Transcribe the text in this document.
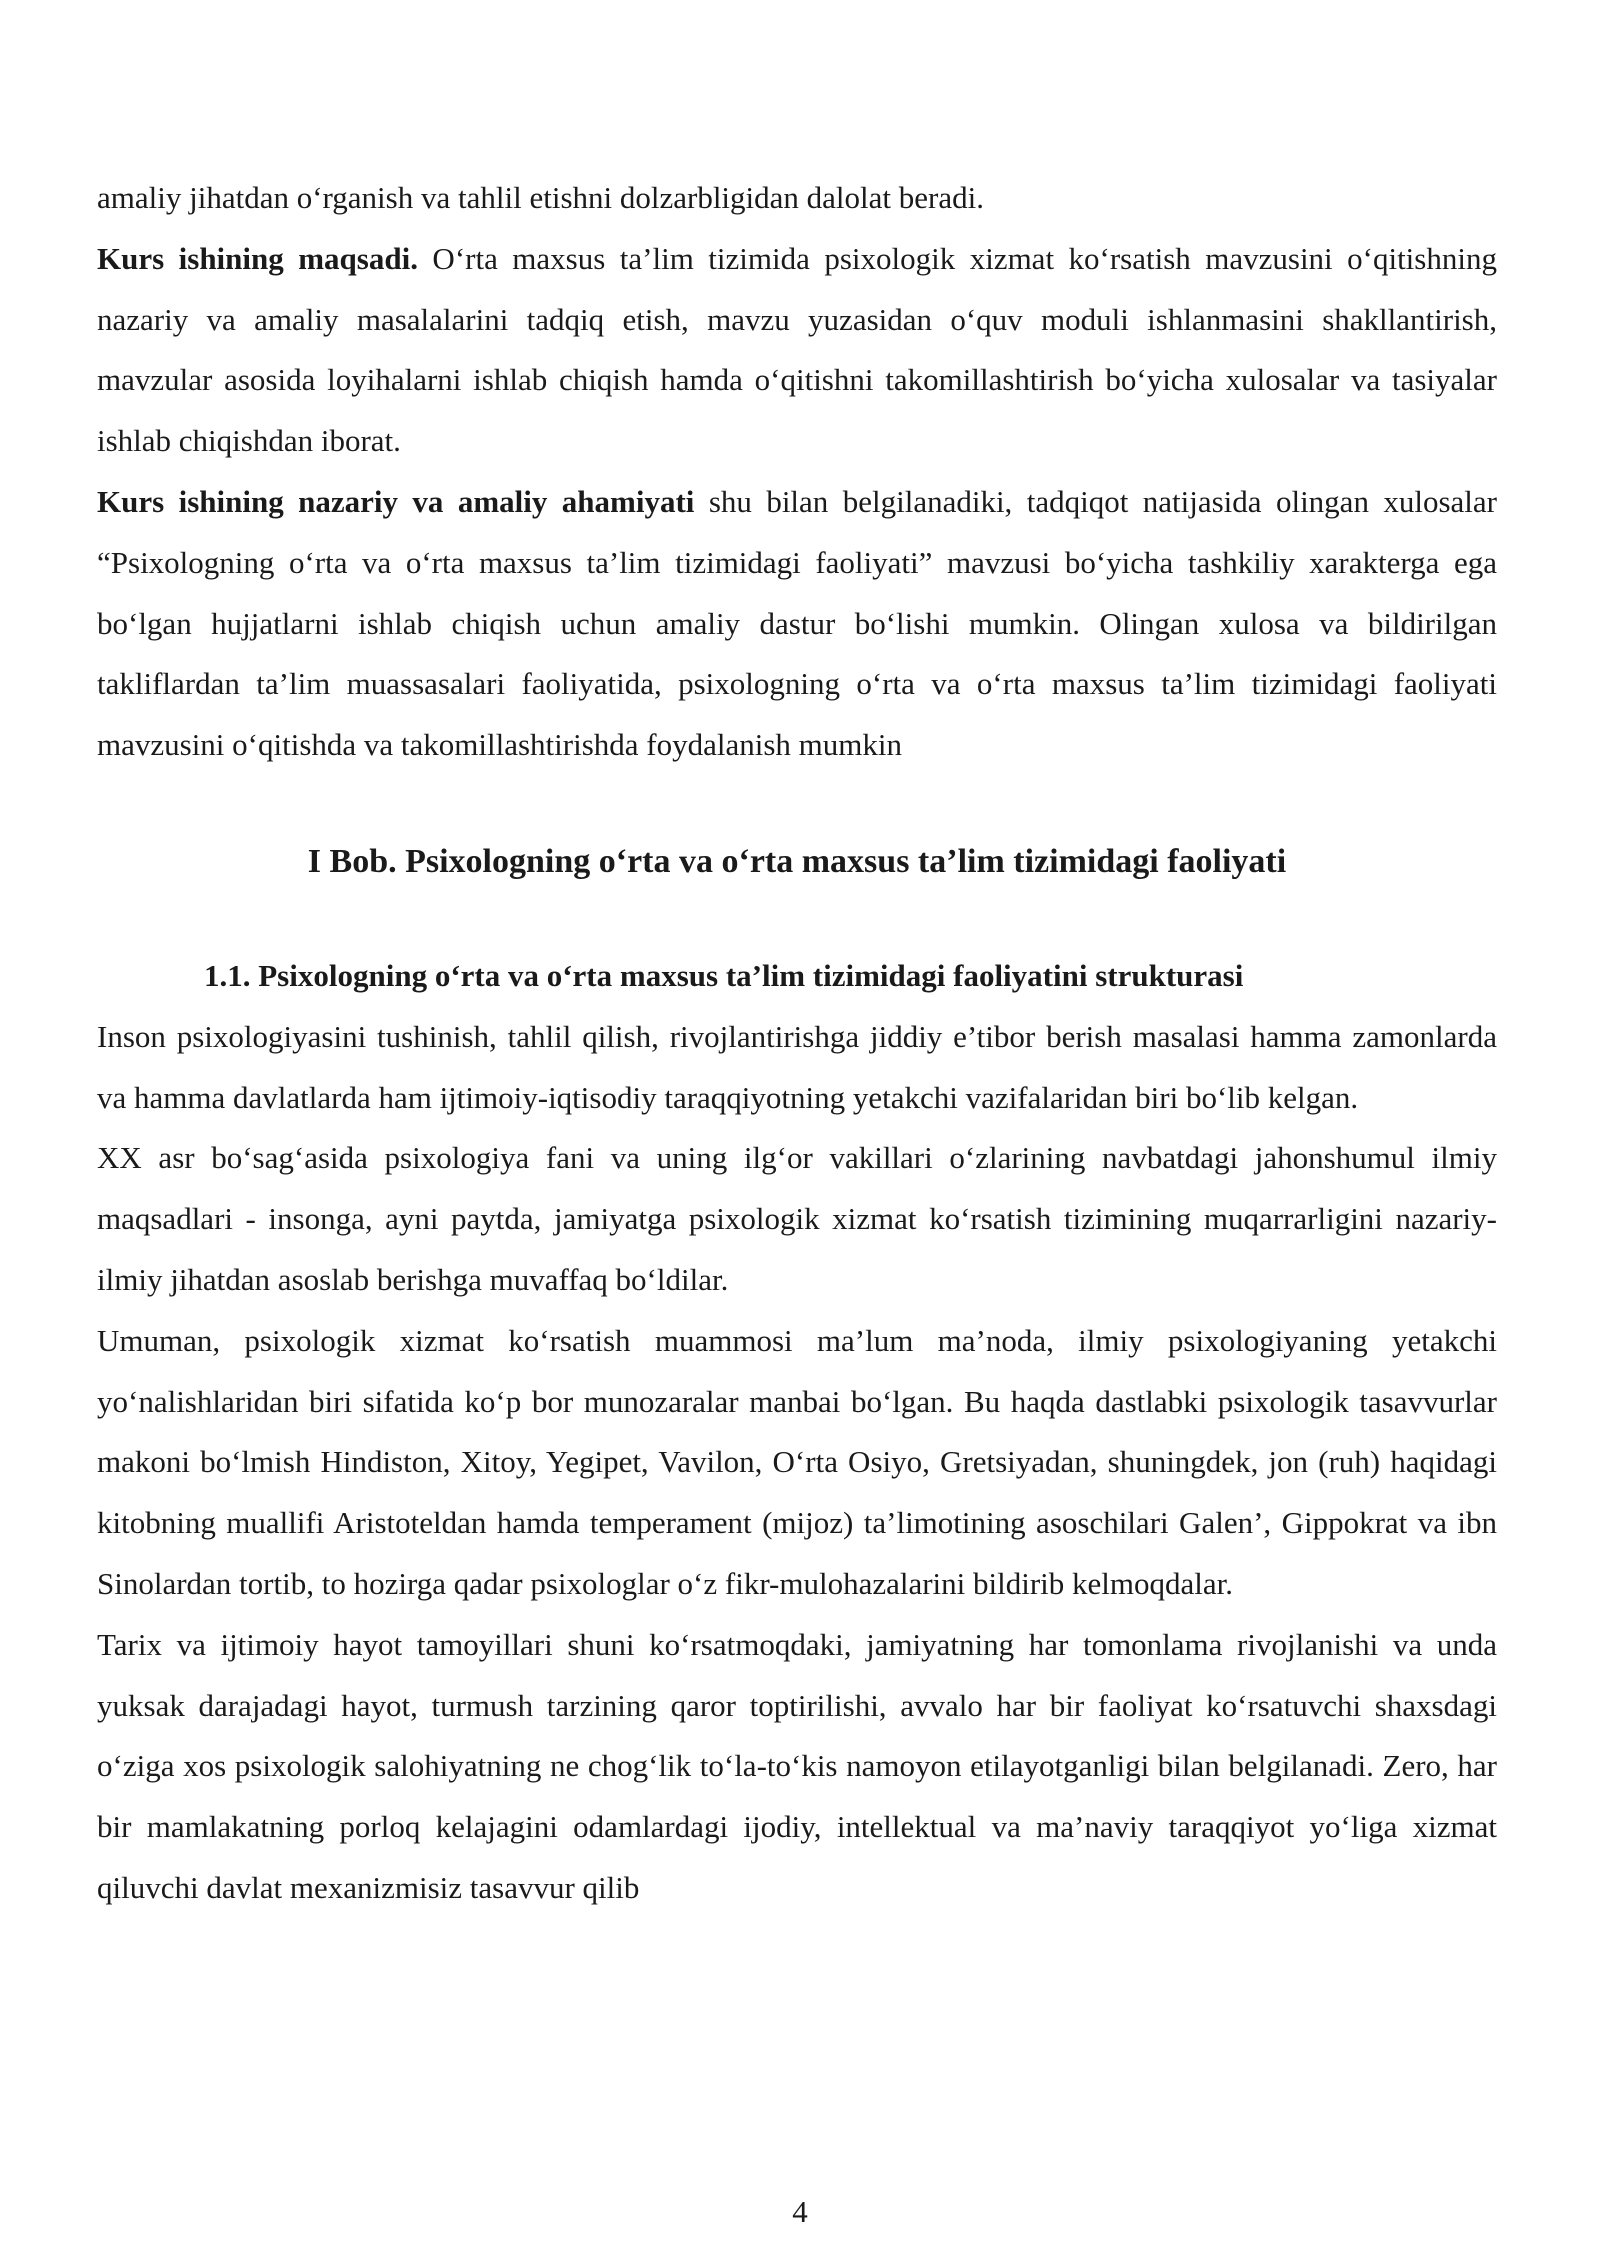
amaliy jihatdan o‘rganish va tahlil etishni dolzarbligidan dalolat beradi.

Kurs ishining maqsadi. O‘rta maxsus ta’lim tizimida psixologik xizmat ko‘rsatish mavzusini o‘qitishning nazariy va amaliy masalalarini tadqiq etish, mavzu yuzasidan o‘quv moduli ishlanmasini shakllantirish, mavzular asosida loyihalarni ishlab chiqish hamda o‘qitishni takomillashtirish bo‘yicha xulosalar va tasiyalar ishlab chiqishdan iborat.

Kurs ishining nazariy va amaliy ahamiyati shu bilan belgilanadiki, tadqiqot natijasida olingan xulosalar “Psixologning o‘rta va o‘rta maxsus ta’lim tizimidagi faoliyati” mavzusi bo‘yicha tashkiliy xarakterga ega bo‘lgan hujjatlarni ishlab chiqish uchun amaliy dastur bo‘lishi mumkin. Olingan xulosa va bildirilgan takliflardan ta’lim muassasalari faoliyatida, psixologning o‘rta va o‘rta maxsus ta’lim tizimidagi faoliyati mavzusini o‘qitishda va takomillashtirishda foydalanish mumkin

I Bob. Psixologning o‘rta va o‘rta maxsus ta’lim tizimidagi faoliyati
1.1. Psixologning o‘rta va o‘rta maxsus ta’lim tizimidagi faoliyatini strukturasi

Inson psixologiyasini tushinish, tahlil qilish, rivojlantirishga jiddiy e’tibor berish masalasi hamma zamonlarda va hamma davlatlarda ham ijtimoiy-iqtisodiy taraqqiyotning yetakchi vazifalaridan biri bo‘lib kelgan.

XX asr bo‘sag‘asida psixologiya fani va uning ilg‘or vakillari o‘zlarining navbatdagi jahonshumul ilmiy maqsadlari - insonga, ayni paytda, jamiyatga psixologik xizmat ko‘rsatish tizimining muqarrarligini nazariy-ilmiy jihatdan asoslab berishga muvaffaq bo‘ldilar.

Umuman, psixologik xizmat ko‘rsatish muammosi ma’lum ma’noda, ilmiy psixologiyaning yetakchi yo‘nalishlaridan biri sifatida ko‘p bor munozaralar manbai bo‘lgan. Bu haqda dastlabki psixologik tasavvurlar makoni bo‘lmish Hindiston, Xitoy, Yegipet, Vavilon, O‘rta Osiyo, Gretsiyadan, shuningdek, jon (ruh) haqidagi kitobning muallifi Aristoteldan hamda temperament (mijoz) ta’limotining asoschilari Galen’, Gippokrat va ibn Sinolardan tortib, to hozirga qadar psixologlar o‘z fikr-mulohazalarini bildirib kelmoqdalar.

Tarix va ijtimoiy hayot tamoyillari shuni ko‘rsatmoqdaki, jamiyatning har tomonlama rivojlanishi va unda yuksak darajadagi hayot, turmush tarzining qaror toptirilishi, avvalo har bir faoliyat ko‘rsatuvchi shaxsdagi o‘ziga xos psixologik salohiyatning ne chog‘lik to‘la-to‘kis namoyon etilayotganligi bilan belgilanadi. Zero, har bir mamlakatning porloq kelajagini odamlardagi ijodiy, intellektual va ma’naviy taraqqiyot yo‘liga xizmat qiluvchi davlat mexanizmisiz tasavvur qilib

4
